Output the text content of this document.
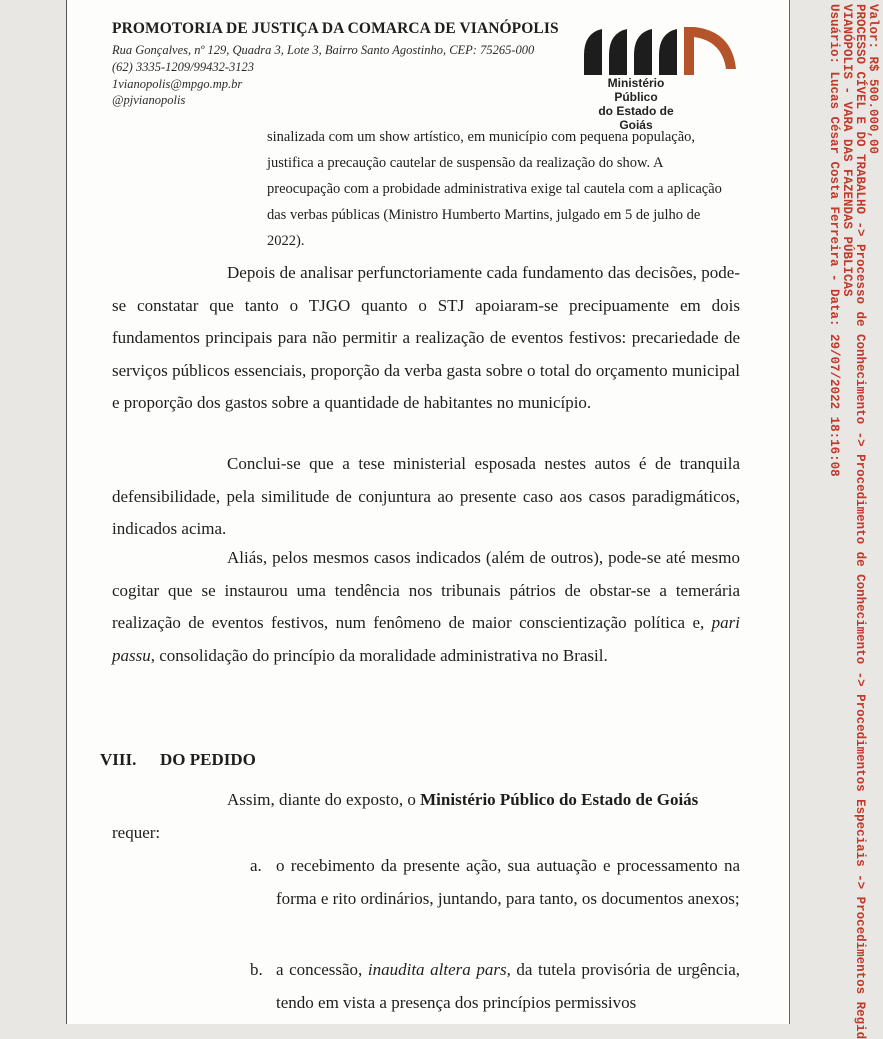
PROMOTORIA DE JUSTIÇA DA COMARCA DE VIANÓPOLIS
Rua Gonçalves, nº 129, Quadra 3, Lote 3, Bairro Santo Agostinho, CEP: 75265-000
(62) 3335-1209/99432-3123
1vianopolis@mpgo.mp.br
@pjvianopolis
Ministério Público
do Estado de Goiás
sinalizada com um show artístico, em município com pequena população,
justifica a precaução cautelar de suspensão da realização do show. A
preocupação com a probidade administrativa exige tal cautela com a aplicação
das verbas públicas (Ministro Humberto Martins, julgado em 5 de julho de
2022).
Depois de analisar perfunctoriamente cada fundamento das decisões, pode-se constatar que tanto o TJGO quanto o STJ apoiaram-se precipuamente em dois fundamentos principais para não permitir a realização de eventos festivos: precariedade de serviços públicos essenciais, proporção da verba gasta sobre o total do orçamento municipal e proporção dos gastos sobre a quantidade de habitantes no município.
Conclui-se que a tese ministerial esposada nestes autos é de tranquila defensibilidade, pela similitude de conjuntura ao presente caso aos casos paradigmáticos, indicados acima.
Aliás, pelos mesmos casos indicados (além de outros), pode-se até mesmo cogitar que se instaurou uma tendência nos tribunais pátrios de obstar-se a temerária realização de eventos festivos, num fenômeno de maior conscientização política e, pari passu, consolidação do princípio da moralidade administrativa no Brasil.
VIII. DO PEDIDO
Assim, diante do exposto, o Ministério Público do Estado de Goiás
requer:
a. o recebimento da presente ação, sua autuação e processamento na forma e rito ordinários, juntando, para tanto, os documentos anexos;
b. a concessão, inaudita altera pars, da tutela provisória de urgência, tendo em vista a presença dos princípios permissivos
Valor: R$ 500.000,00
PROCESSO CÍVEL E DO TRABALHO -> Processo de Conhecimento -> Procedimento de Conhecimento -> Procedimentos Especiais -> Procedimentos Regid
VIANÓPOLIS - VARA DAS FAZENDAS PÚBLICAS
Usuário: Lucas César Costa Ferreira - Data: 29/07/2022 18:16:08
